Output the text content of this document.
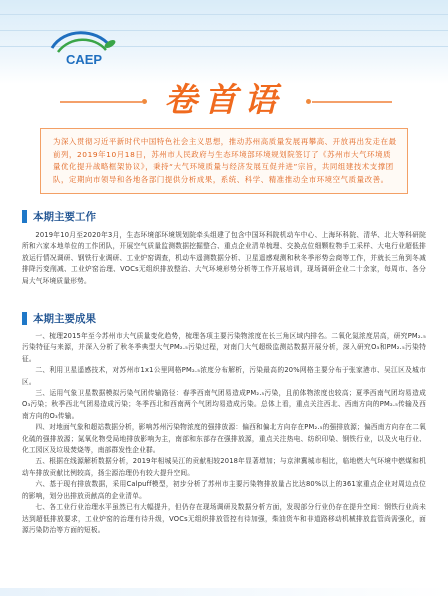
CAEP
卷首语
为深入贯彻习近平新时代中国特色社会主义思想，推动苏州高质量发展再攀高、开放再出发走在最前列，2019年10月18日，苏州市人民政府与生态环境部环境规划院签订了《苏州市大气环境质量优化提升战略框架协议》，秉持“大气环境质量与经济发展互促并进”宗旨，共同组建技术支撑团队，定期向市领导和各地各部门提供分析成果，系统、科学、精准推动全市环境空气质量改善。
本期主要工作

2019年10月至2020年3月，生态环境部环境规划院牵头组建了包含中国环科院机动车中心、上海环科院、清华、北大等科研院所和六家本地单位的工作团队，开展空气质量监测数据挖掘整合、重点企业清单梳理、交换点位细颗粒物手工采样、大电行业超低排放运行情况调研、钢铁行业调研、工业炉窑调查，机动车遥测数据分析、卫星遥感观测和秋冬季形势会商等工作，并就长三角到冬减排降污变削减、工业炉窑治理、VOCs无组织排放整治、大气环境形势分析等工作开展培训，现场调研企业二十余家，每周市、各分局大气环境质量形势。

本期主要成果

一、梳理2015年至今苏州市大气质量变化趋势，梳理各项主要污染物浓度在长三角区域内排名。二氧化氮浓度居高，研究PM₂.₅污染特征与来源，并深入分析了秋冬季典型大气PM₂.₅污染过程，对南门大气超级监测站数据开展分析，深入研究O₃和PM₂.₅污染特征。

二、利用卫星遥感技术，对苏州市1x1公里网格PM₂.₅浓度分布解析，污染最高的20%网格主要分布于张家港市、吴江区及城市区。

三、运用气象卫星数据模拟污染气团传输路径：春季西南气团易造成PM₂.₅污染，且前体物浓度也较高；夏季西南气团均易造成O₃污染；秋季西北气团易造成污染；冬季西北和西南两个气团均易造成污染。总体上看，重点关注西北、西南方向的PM₂.₅传输及西南方向的O₃传输。

四、对地面气象和超站数据分析，影响苏州污染物浓度的强排放源：偏西和偏北方向存在PM₂.₅的强排放源；偏西南方向存在二氧化硫的强排放源；氮氧化物受局地排放影响为主，南部和东部存在强排放源，重点关注热电、纺织印染、钢铁行业，以及火电行业、化工园区及垃圾焚烧等，南部群发性企业群。

五、根据在线源解析数据分析，2019年相城吴江的贡献相较2018年显著增加；与京津冀城市相比，临地燃大气环境中燃煤和机动车排放贡献比例较高，扬尘源治理仍有较大提升空间。

六、基于现有排放数据，采用Calpuff模型，初步分析了苏州市主要污染物排放量占比达80%以上的361家重点企业对周边点位的影响，划分出排放贡献高的企业清单。

七、各工业行业治理水平虽然已有大幅提升，但仍存在现场调研及数据分析方面，发现部分行业仍存在提升空间：钢铁行业尚未达到超低排放要求，工业炉窑的治理有待升级，VOCs无组织排放管控有待加强，柴油货车和非道路移动机械排放监管尚需强化，面源污染防治等方面的短板。
